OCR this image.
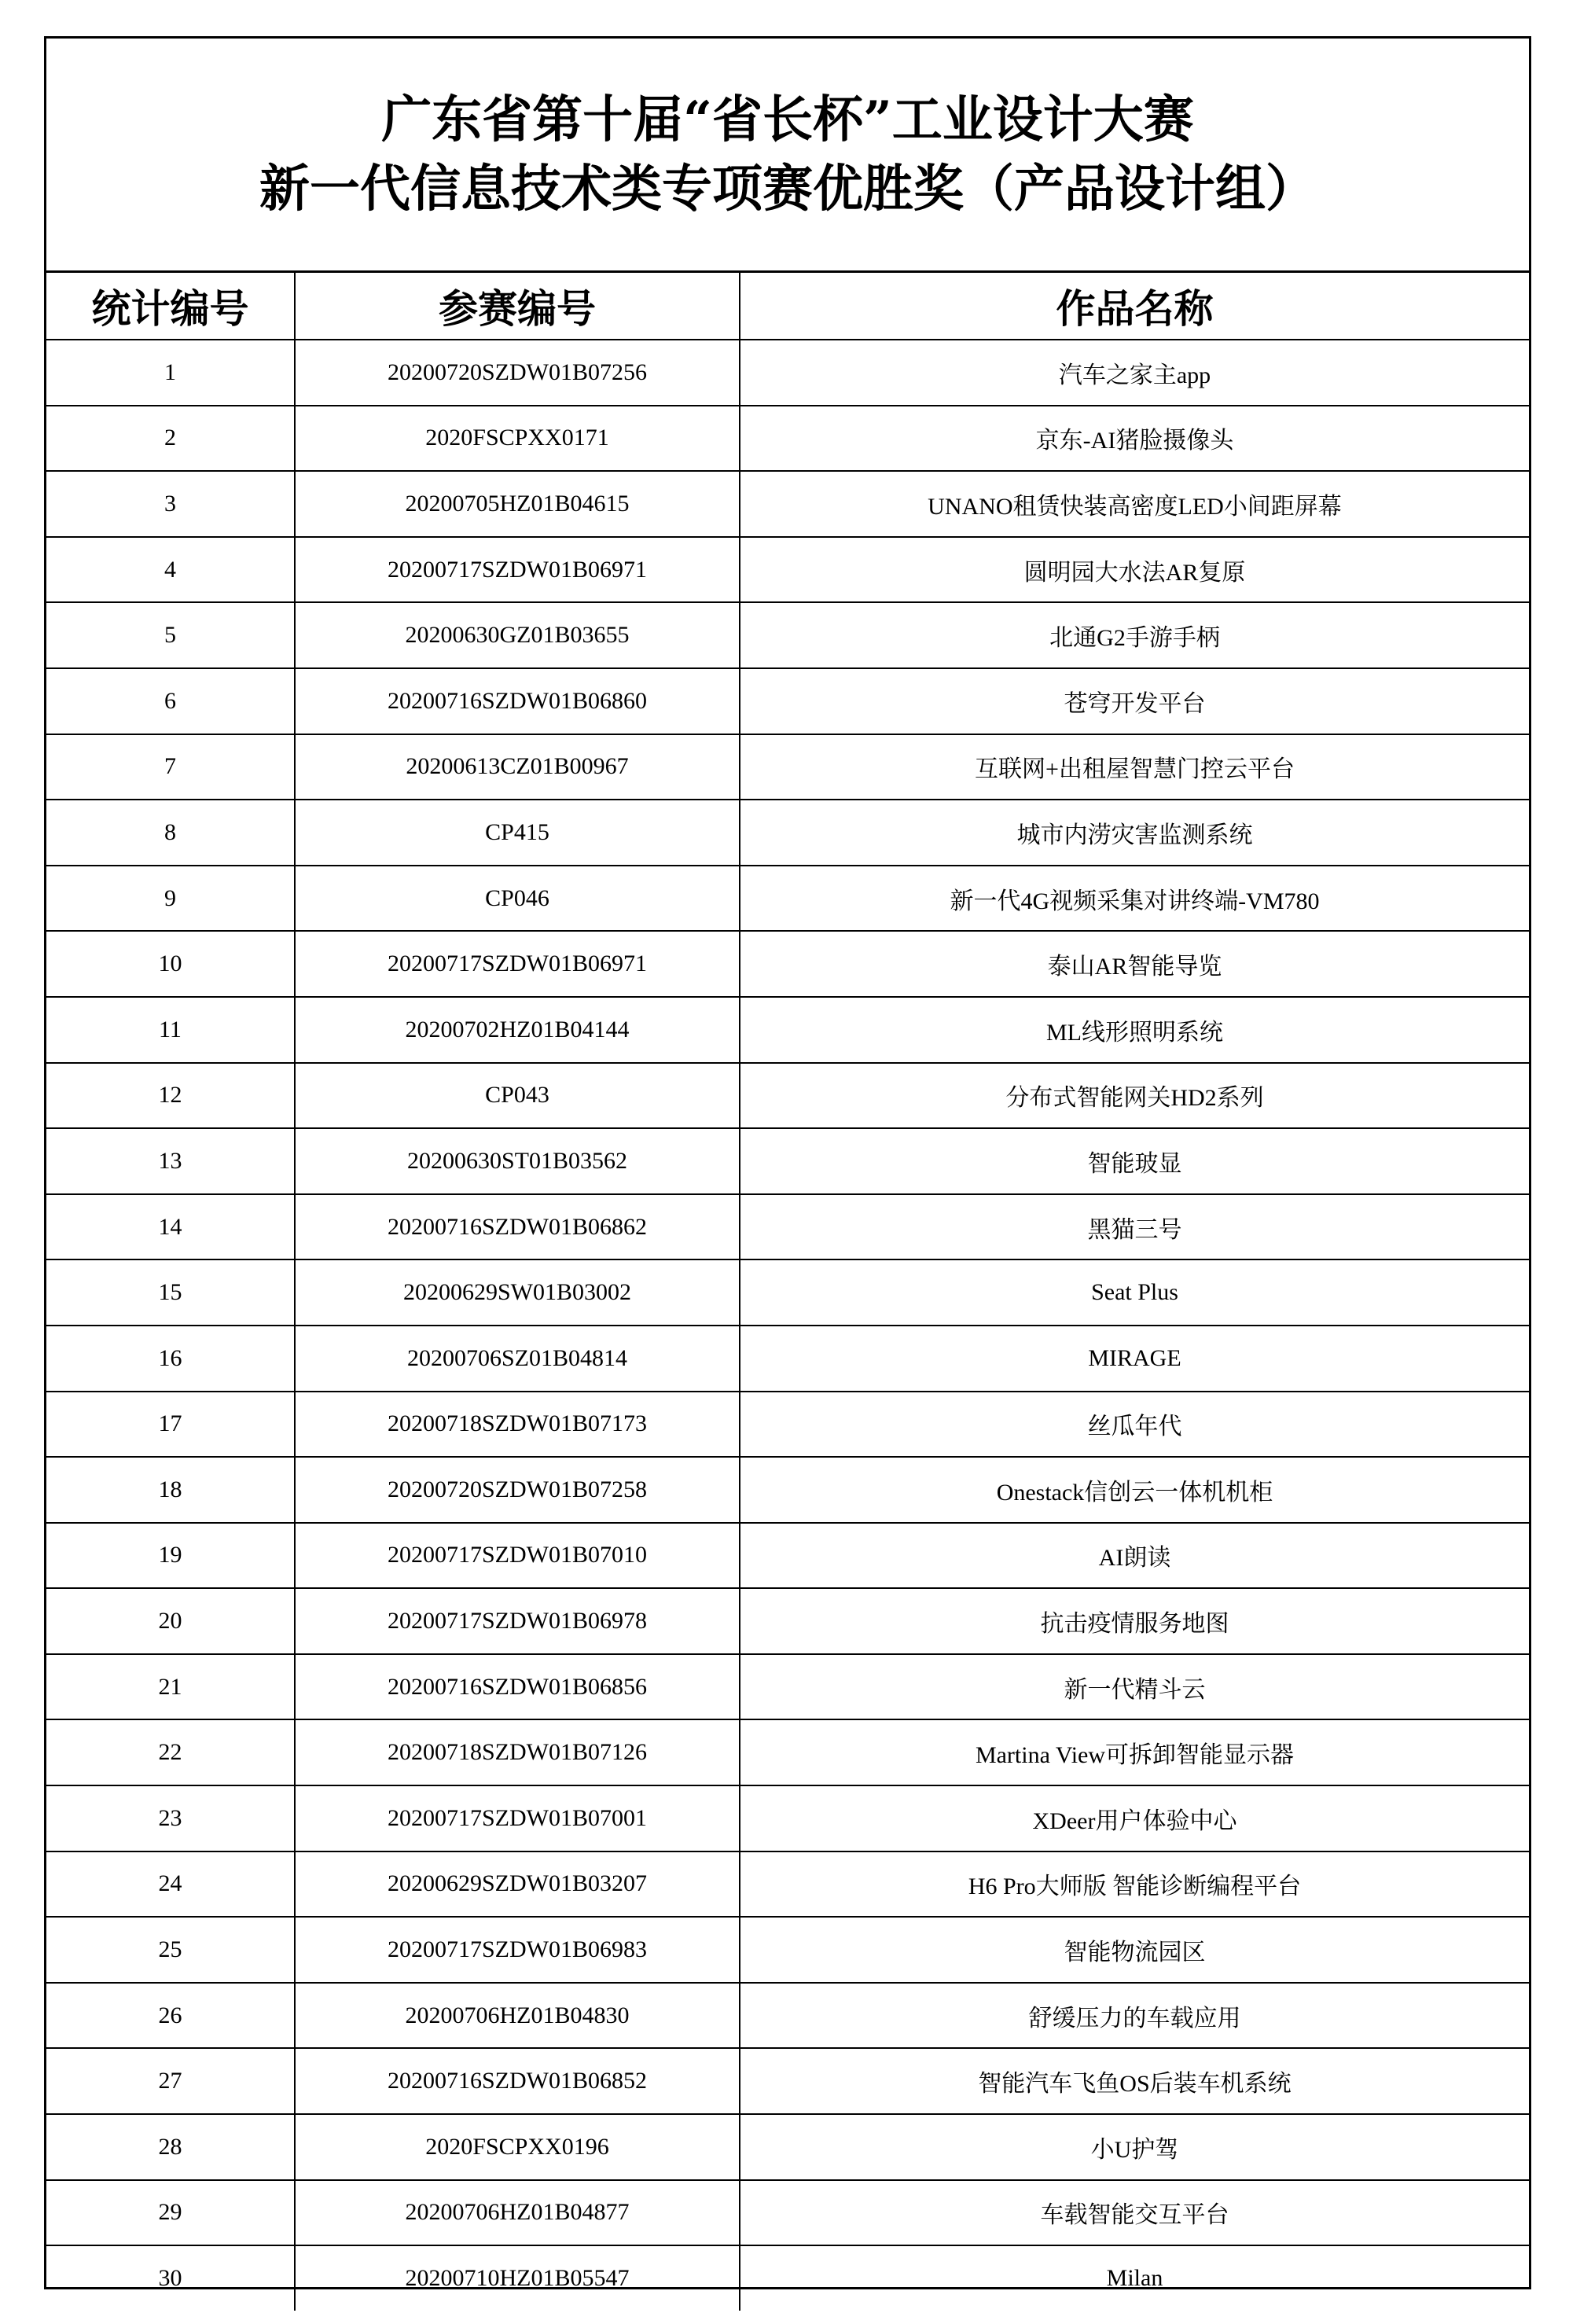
广东省第十届“省长杯”工业设计大赛
新一代信息技术类专项赛优胜奖（产品设计组）
统计编号	参赛编号	作品名称
1	20200720SZDW01B07256	汽车之家主app
2	2020FSCPXX0171	京东-AI猪脸摄像头
3	20200705HZ01B04615	UNANO租赁快装高密度LED小间距屏幕
4	20200717SZDW01B06971	圆明园大水法AR复原
5	20200630GZ01B03655	北通G2手游手柄
6	20200716SZDW01B06860	苍穹开发平台
7	20200613CZ01B00967	互联网+出租屋智慧门控云平台
8	CP415	城市内涝灾害监测系统
9	CP046	新一代4G视频采集对讲终端-VM780
10	20200717SZDW01B06971	泰山AR智能导览
11	20200702HZ01B04144	ML线形照明系统
12	CP043	分布式智能网关HD2系列
13	20200630ST01B03562	智能玻显
14	20200716SZDW01B06862	黑猫三号
15	20200629SW01B03002	Seat Plus
16	20200706SZ01B04814	MIRAGE
17	20200718SZDW01B07173	丝瓜年代
18	20200720SZDW01B07258	Onestack信创云一体机机柜
19	20200717SZDW01B07010	AI朗读
20	20200717SZDW01B06978	抗击疫情服务地图
21	20200716SZDW01B06856	新一代精斗云
22	20200718SZDW01B07126	Martina View可拆卸智能显示器
23	20200717SZDW01B07001	XDeer用户体验中心
24	20200629SZDW01B03207	H6 Pro大师版 智能诊断编程平台
25	20200717SZDW01B06983	智能物流园区
26	20200706HZ01B04830	舒缓压力的车载应用
27	20200716SZDW01B06852	智能汽车飞鱼OS后装车机系统
28	2020FSCPXX0196	小U护驾
29	20200706HZ01B04877	车载智能交互平台
30	20200710HZ01B05547	Milan
